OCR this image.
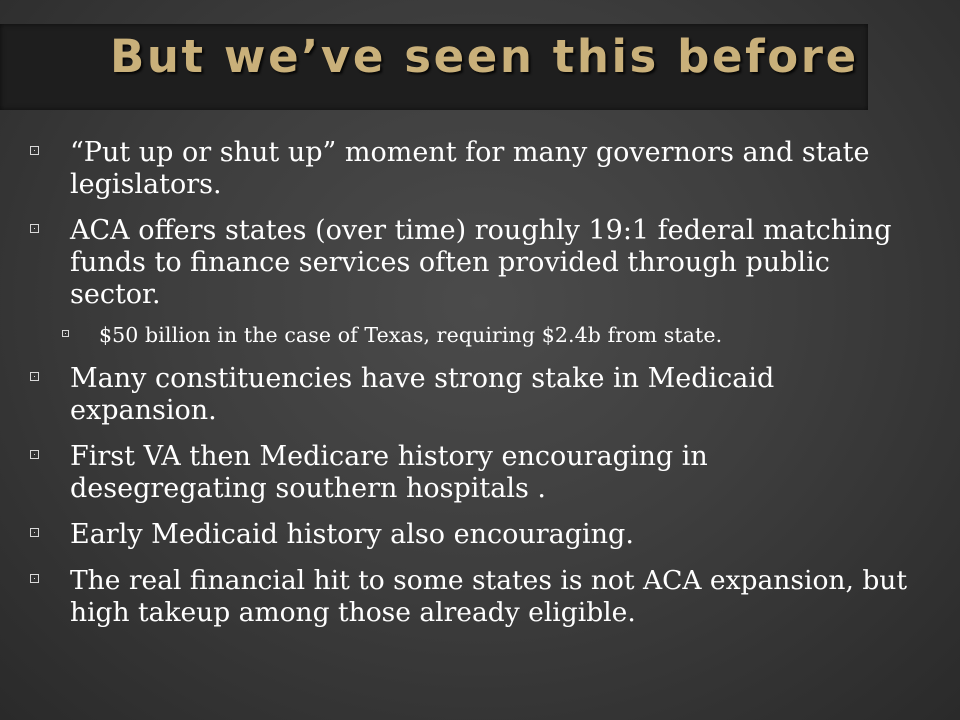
But we’ve seen this before
“Put up or shut up” moment for many governors and state legislators.
ACA offers states (over time) roughly 19:1 federal matching funds to finance services often provided through public sector.
$50 billion in the case of Texas, requiring $2.4b from state.
Many constituencies have strong stake in Medicaid expansion.
First VA then Medicare history encouraging in desegregating southern hospitals .
Early Medicaid history also encouraging.
The real financial hit to some states is not ACA expansion, but high takeup among those already eligible.
